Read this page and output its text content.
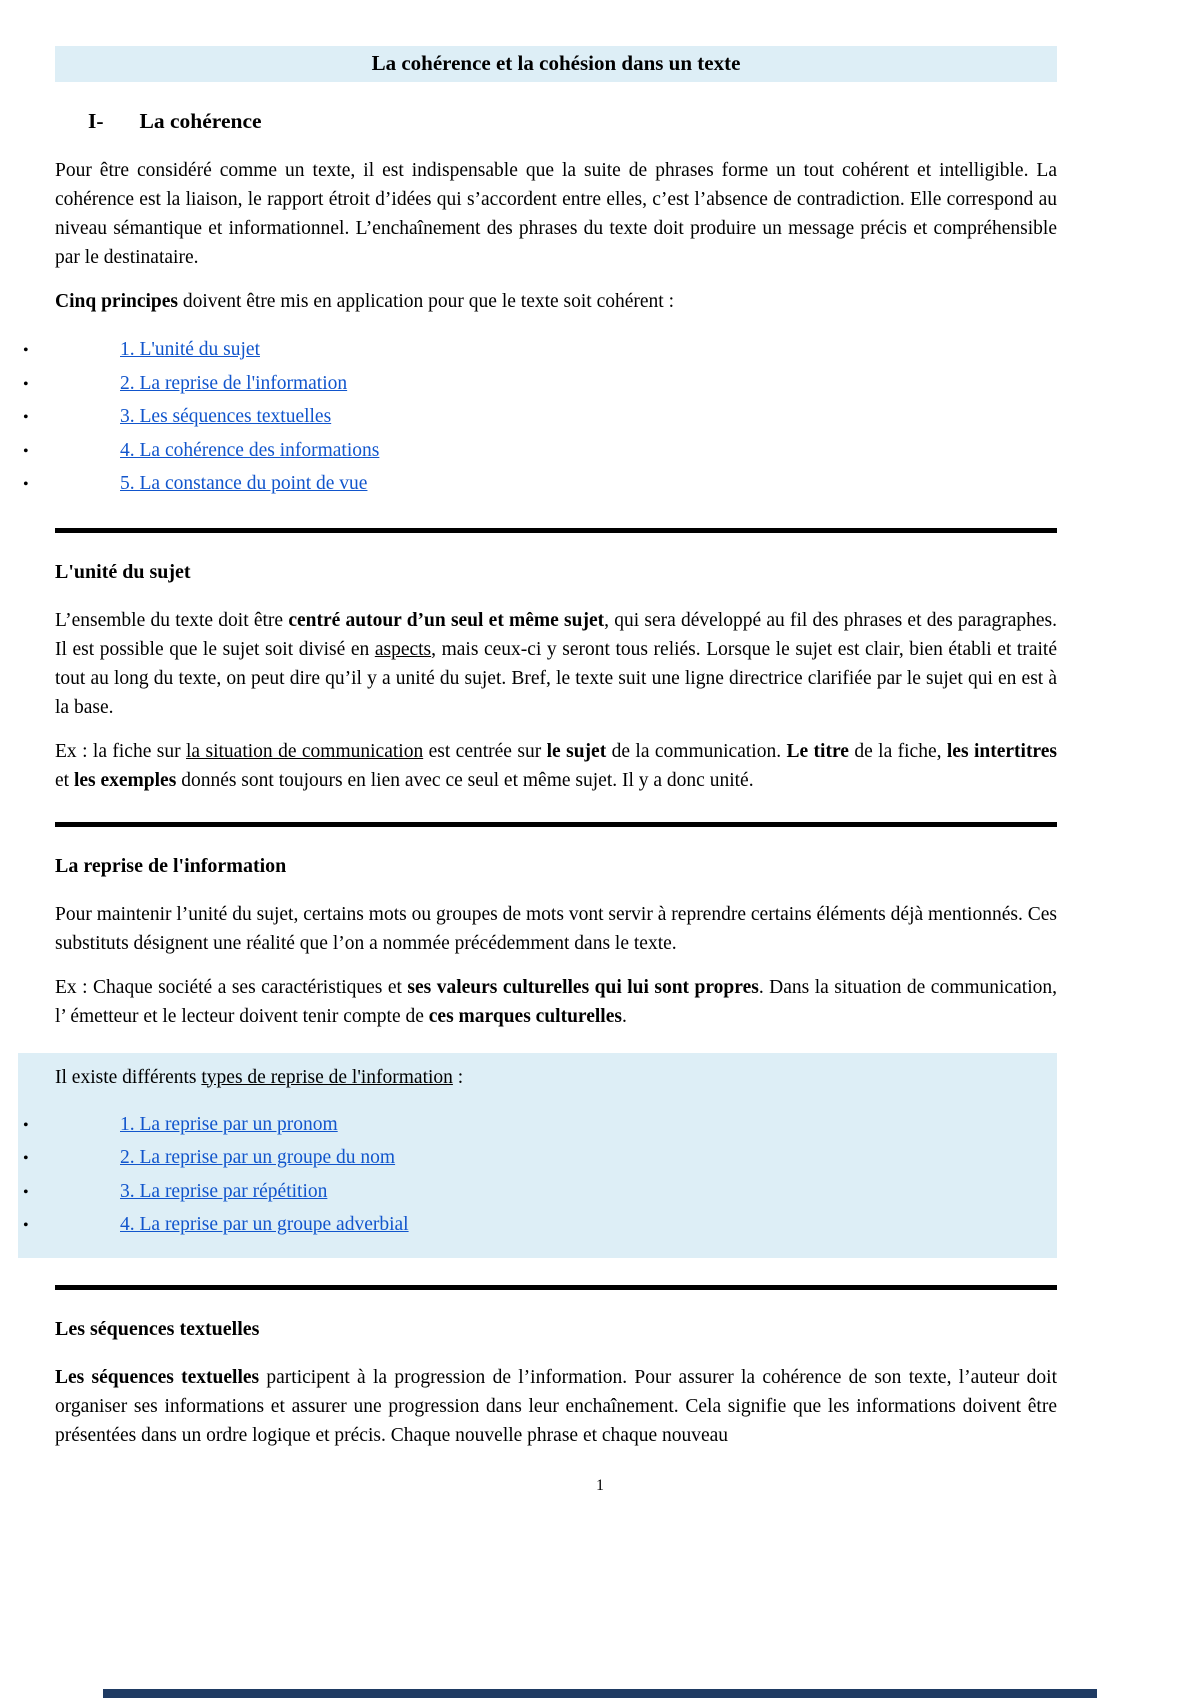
La cohérence et la cohésion dans un texte
I- La cohérence

Pour être considéré comme un texte, il est indispensable que la suite de phrases forme un tout cohérent et intelligible. La cohérence est la liaison, le rapport étroit d’idées qui s’accordent entre elles, c’est l’absence de contradiction. Elle correspond au niveau sémantique et informationnel. L’enchaînement des phrases du texte doit produire un message précis et compréhensible par le destinataire.

Cinq principes doivent être mis en application pour que le texte soit cohérent :

•	1. L'unité du sujet
•	2. La reprise de l'information
•	3. Les séquences textuelles
•	4. La cohérence des informations
•	5. La constance du point de vue
L'unité du sujet

L’ensemble du texte doit être centré autour d’un seul et même sujet, qui sera développé au fil des phrases et des paragraphes. Il est possible que le sujet soit divisé en aspects, mais ceux-ci y seront tous reliés. Lorsque le sujet est clair, bien établi et traité tout au long du texte, on peut dire qu’il y a unité du sujet. Bref, le texte suit une ligne directrice clarifiée par le sujet qui en est à la base.

Ex : la fiche sur la situation de communication est centrée sur le sujet de la communication. Le titre de la fiche, les intertitres et les exemples donnés sont toujours en lien avec ce seul et même sujet. Il y a donc unité.

La reprise de l'information

Pour maintenir l’unité du sujet, certains mots ou groupes de mots vont servir à reprendre certains éléments déjà mentionnés. Ces substituts désignent une réalité que l’on a nommée précédemment dans le texte.

Ex : Chaque société a ses caractéristiques et ses valeurs culturelles qui lui sont propres. Dans la situation de communication, l’ émetteur et le lecteur doivent tenir compte de ces marques culturelles.

Il existe différents types de reprise de l'information :

•	1. La reprise par un pronom
•	2. La reprise par un groupe du nom
•	3. La reprise par répétition
•	4. La reprise par un groupe adverbial
Les séquences textuelles

Les séquences textuelles participent à la progression de l’information. Pour assurer la cohérence de son texte, l’auteur doit organiser ses informations et assurer une progression dans leur enchaînement. Cela signifie que les informations doivent être présentées dans un ordre logique et précis. Chaque nouvelle phrase et chaque nouveau

1
